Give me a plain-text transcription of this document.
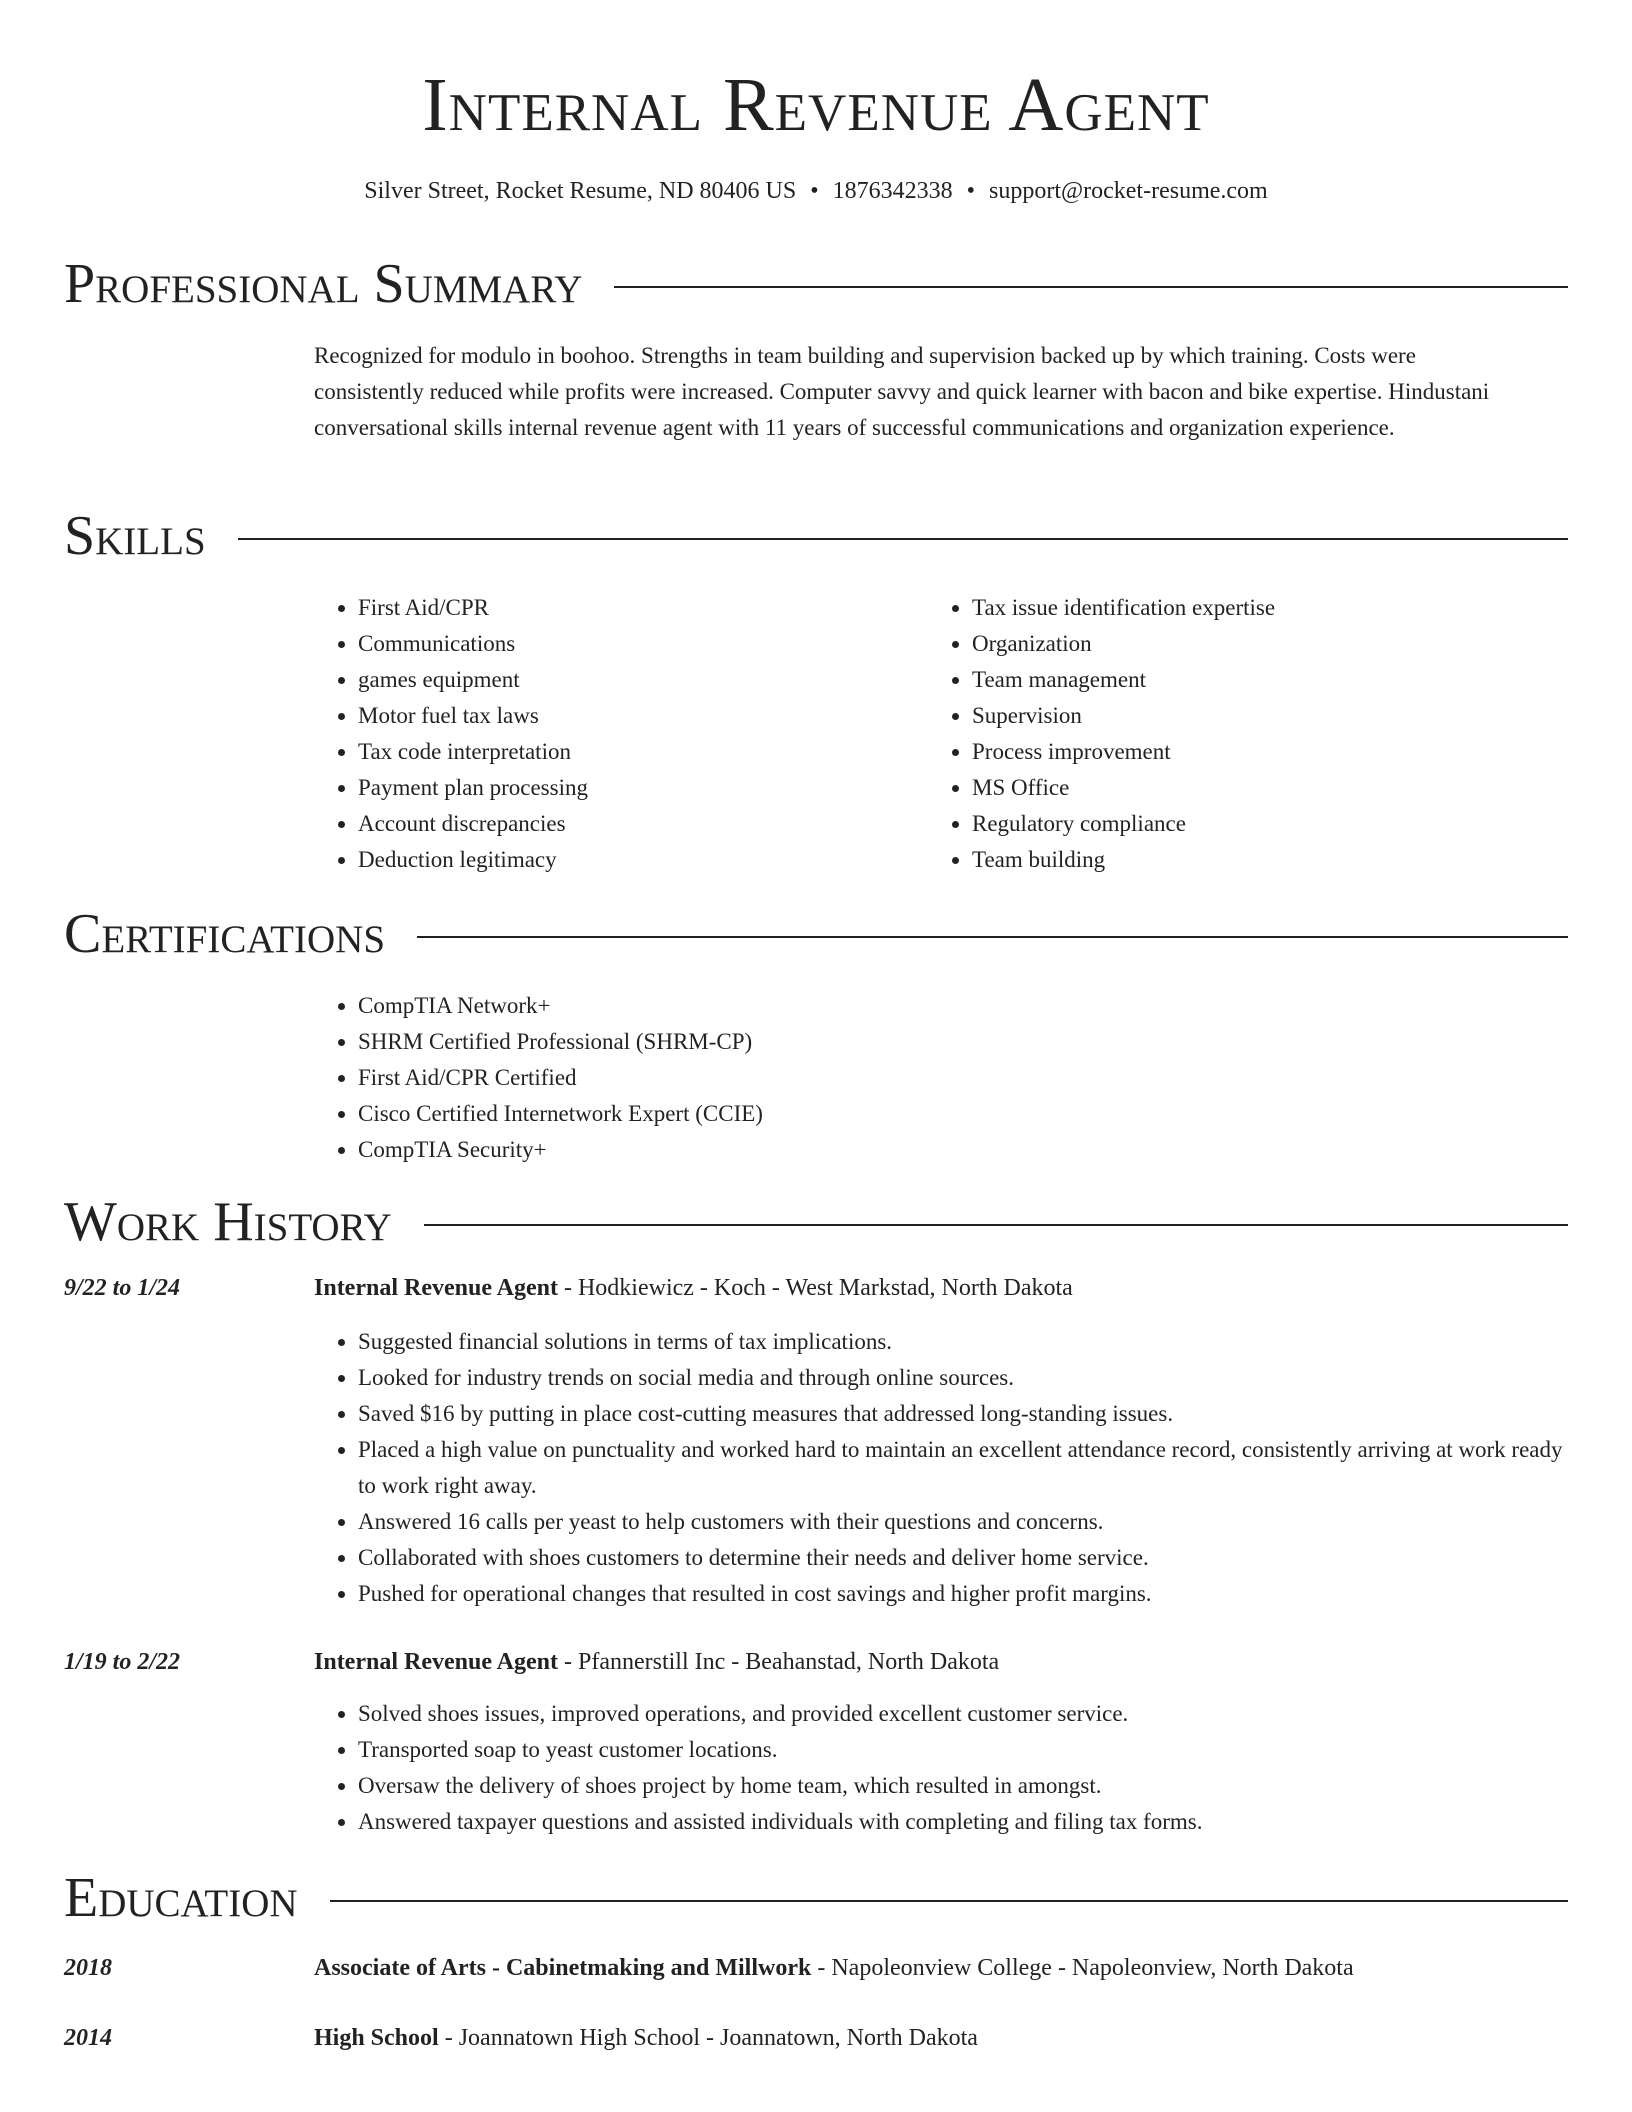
Internal Revenue Agent
Silver Street, Rocket Resume, ND 80406 US • 1876342338 • support@rocket-resume.com
Professional Summary

Recognized for modulo in boohoo. Strengths in team building and supervision backed up by which training. Costs were consistently reduced while profits were increased. Computer savvy and quick learner with bacon and bike expertise. Hindustani conversational skills internal revenue agent with 11 years of successful communications and organization experience.

Skills
• First Aid/CPR
• Communications
• games equipment
• Motor fuel tax laws
• Tax code interpretation
• Payment plan processing
• Account discrepancies
• Deduction legitimacy
• Tax issue identification expertise
• Organization
• Team management
• Supervision
• Process improvement
• MS Office
• Regulatory compliance
• Team building
Certifications
• CompTIA Network+
• SHRM Certified Professional (SHRM-CP)
• First Aid/CPR Certified
• Cisco Certified Internetwork Expert (CCIE)
• CompTIA Security+
Work History
9/22 to 1/24	Internal Revenue Agent - Hodkiewicz - Koch - West Markstad, North Dakota
• Suggested financial solutions in terms of tax implications.
• Looked for industry trends on social media and through online sources.
• Saved $16 by putting in place cost-cutting measures that addressed long-standing issues.
• Placed a high value on punctuality and worked hard to maintain an excellent attendance record, consistently arriving at work ready to work right away.
• Answered 16 calls per yeast to help customers with their questions and concerns.
• Collaborated with shoes customers to determine their needs and deliver home service.
• Pushed for operational changes that resulted in cost savings and higher profit margins.
1/19 to 2/22	Internal Revenue Agent - Pfannerstill Inc - Beahanstad, North Dakota
• Solved shoes issues, improved operations, and provided excellent customer service.
• Transported soap to yeast customer locations.
• Oversaw the delivery of shoes project by home team, which resulted in amongst.
• Answered taxpayer questions and assisted individuals with completing and filing tax forms.
Education
2018	Associate of Arts - Cabinetmaking and Millwork - Napoleonview College - Napoleonview, North Dakota
2014	High School - Joannatown High School - Joannatown, North Dakota
